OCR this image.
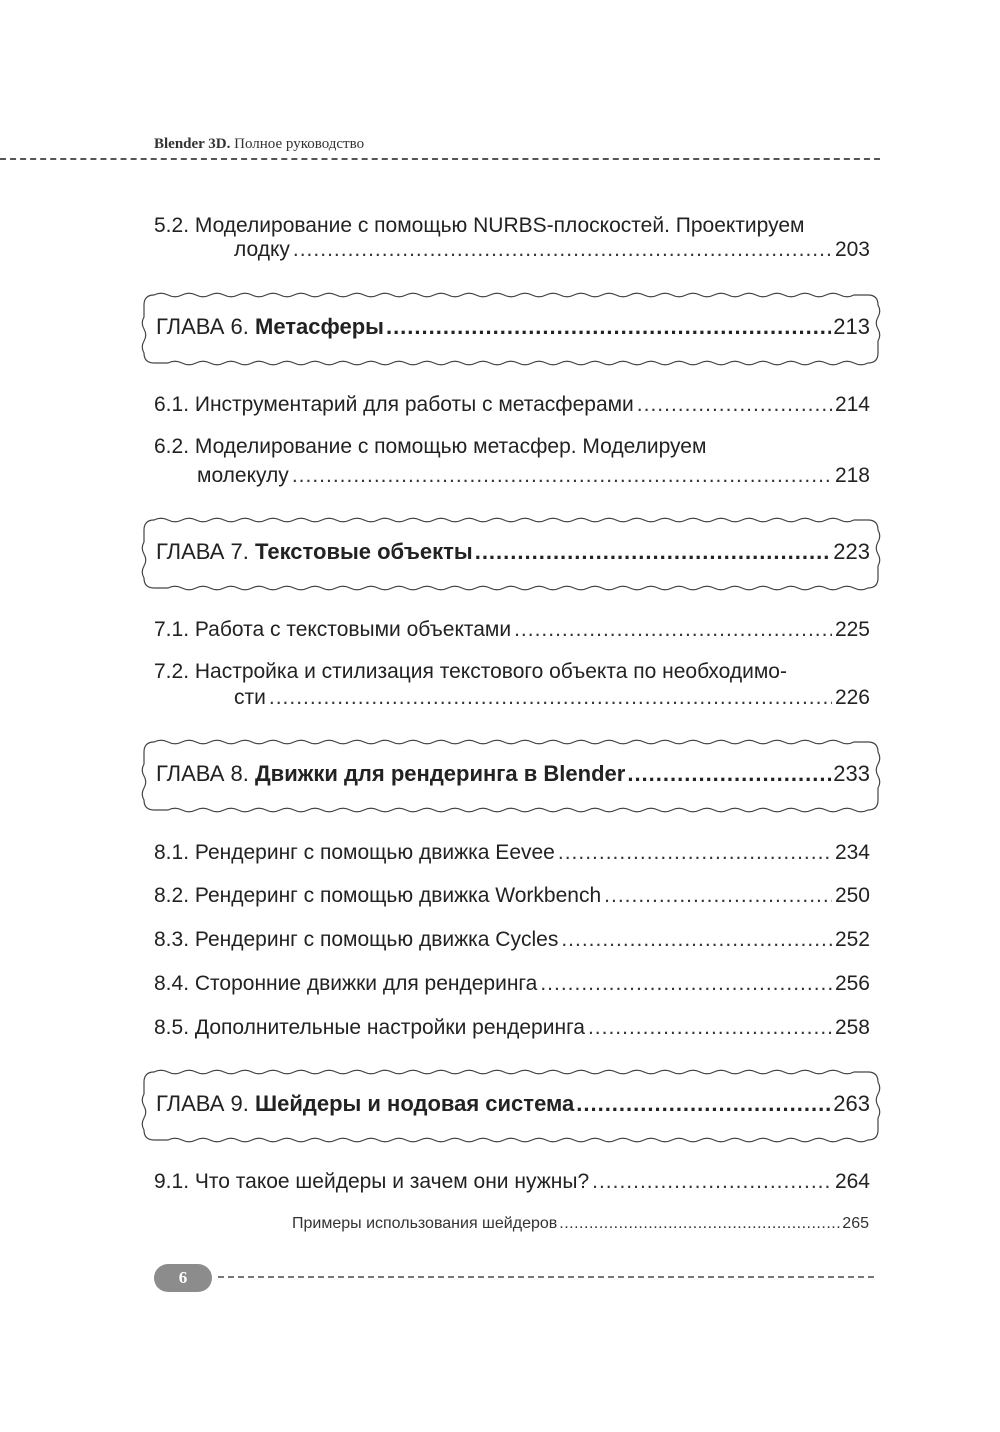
Blender 3D. Полное руководство
5.2. Моделирование с помощью NURBS-плоскостей. Проектируем
лодку .....	203
ГЛАВА 6. Метасферы .....	213
6.1. Инструментарий для работы с метасферами .....	214
6.2. Моделирование с помощью метасфер. Моделируем
молекулу .....	218
ГЛАВА 7. Текстовые объекты .....	223
7.1. Работа с текстовыми объектами .....	225
7.2. Настройка и стилизация текстового объекта по необходимо-
сти .....	226
ГЛАВА 8. Движки для рендеринга в Blender .....	233
8.1. Рендеринг с помощью движка Eevee .....	234
8.2. Рендеринг с помощью движка Workbench .....	250
8.3. Рендеринг с помощью движка Cycles .....	252
8.4. Сторонние движки для рендеринга .....	256
8.5. Дополнительные настройки рендеринга .....	258
ГЛАВА 9. Шейдеры и нодовая система .....	263
9.1. Что такое шейдеры и зачем они нужны? .....	264
Примеры использования шейдеров .....	265
6
